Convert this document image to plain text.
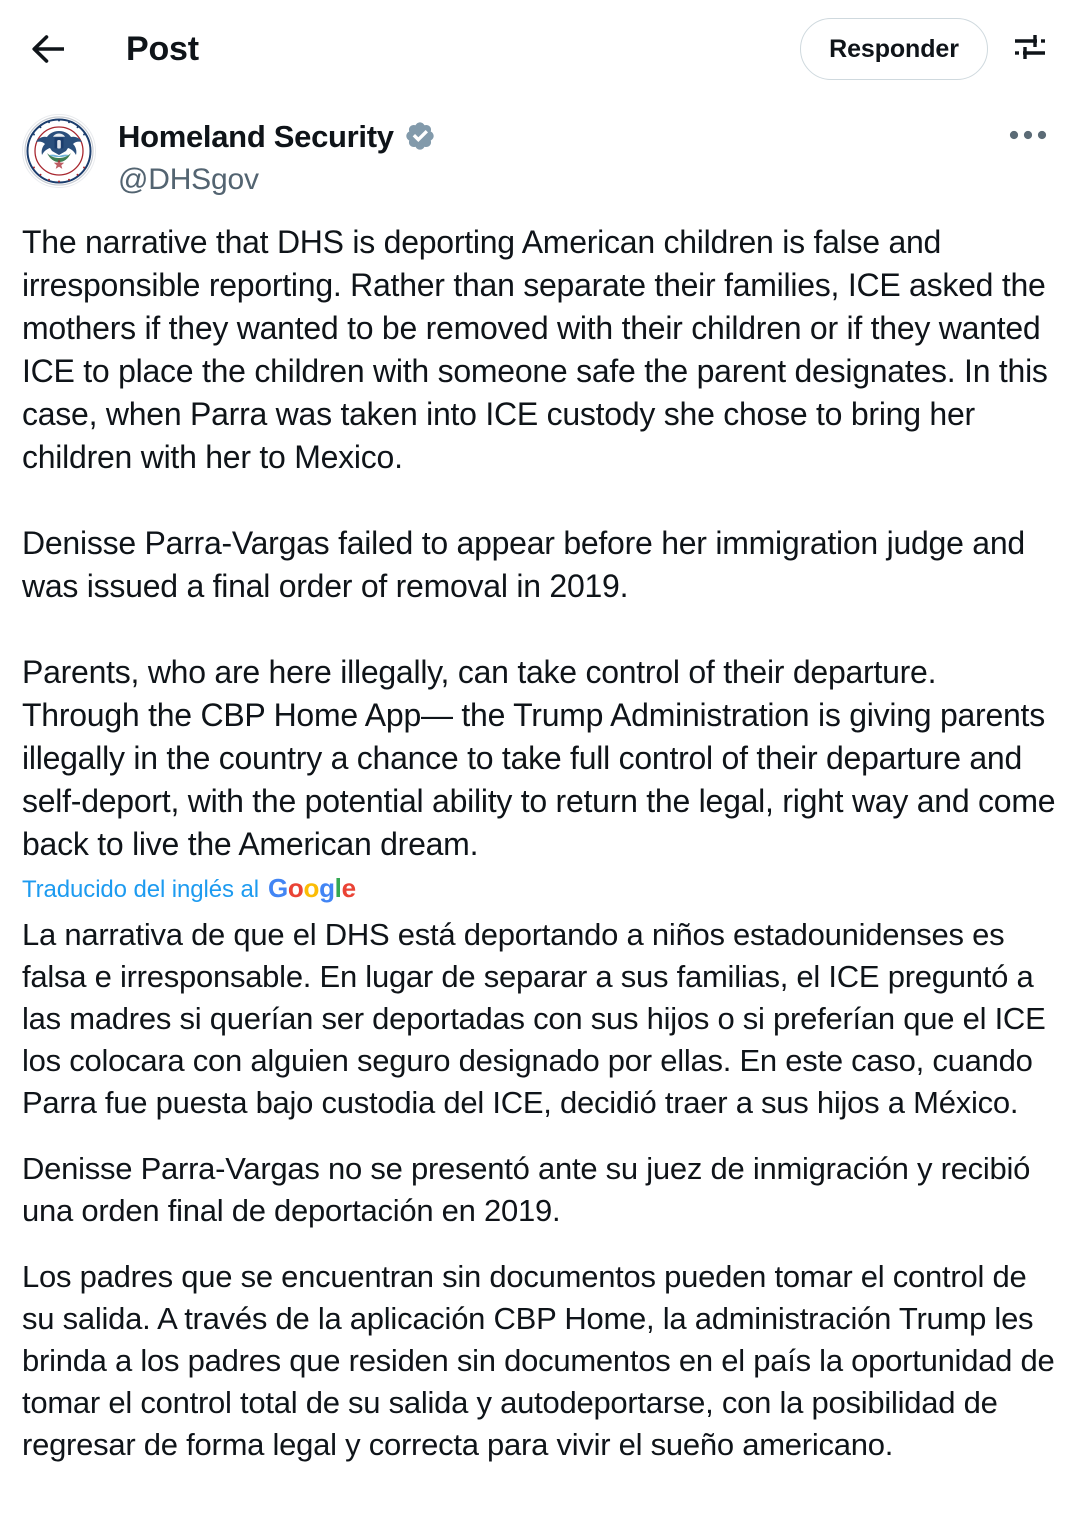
Post	Responder
Homeland Security
@DHSgov

The narrative that DHS is deporting American children is false and irresponsible reporting. Rather than separate their families, ICE asked the mothers if they wanted to be removed with their children or if they wanted ICE to place the children with someone safe the parent designates. In this case, when Parra was taken into ICE custody she chose to bring her children with her to Mexico.

Denisse Parra-Vargas failed to appear before her immigration judge and was issued a final order of removal in 2019.

Parents, who are here illegally, can take control of their departure. Through the CBP Home App— the Trump Administration is giving parents illegally in the country a chance to take full control of their departure and self-deport, with the potential ability to return the legal, right way and come back to live the American dream.

Traducido del inglés al Google

La narrativa de que el DHS está deportando a niños estadounidenses es falsa e irresponsable. En lugar de separar a sus familias, el ICE preguntó a las madres si querían ser deportadas con sus hijos o si preferían que el ICE los colocara con alguien seguro designado por ellas. En este caso, cuando Parra fue puesta bajo custodia del ICE, decidió traer a sus hijos a México.

Denisse Parra-Vargas no se presentó ante su juez de inmigración y recibió una orden final de deportación en 2019.

Los padres que se encuentran sin documentos pueden tomar el control de su salida. A través de la aplicación CBP Home, la administración Trump les brinda a los padres que residen sin documentos en el país la oportunidad de tomar el control total de su salida y autodeportarse, con la posibilidad de regresar de forma legal y correcta para vivir el sueño americano.
